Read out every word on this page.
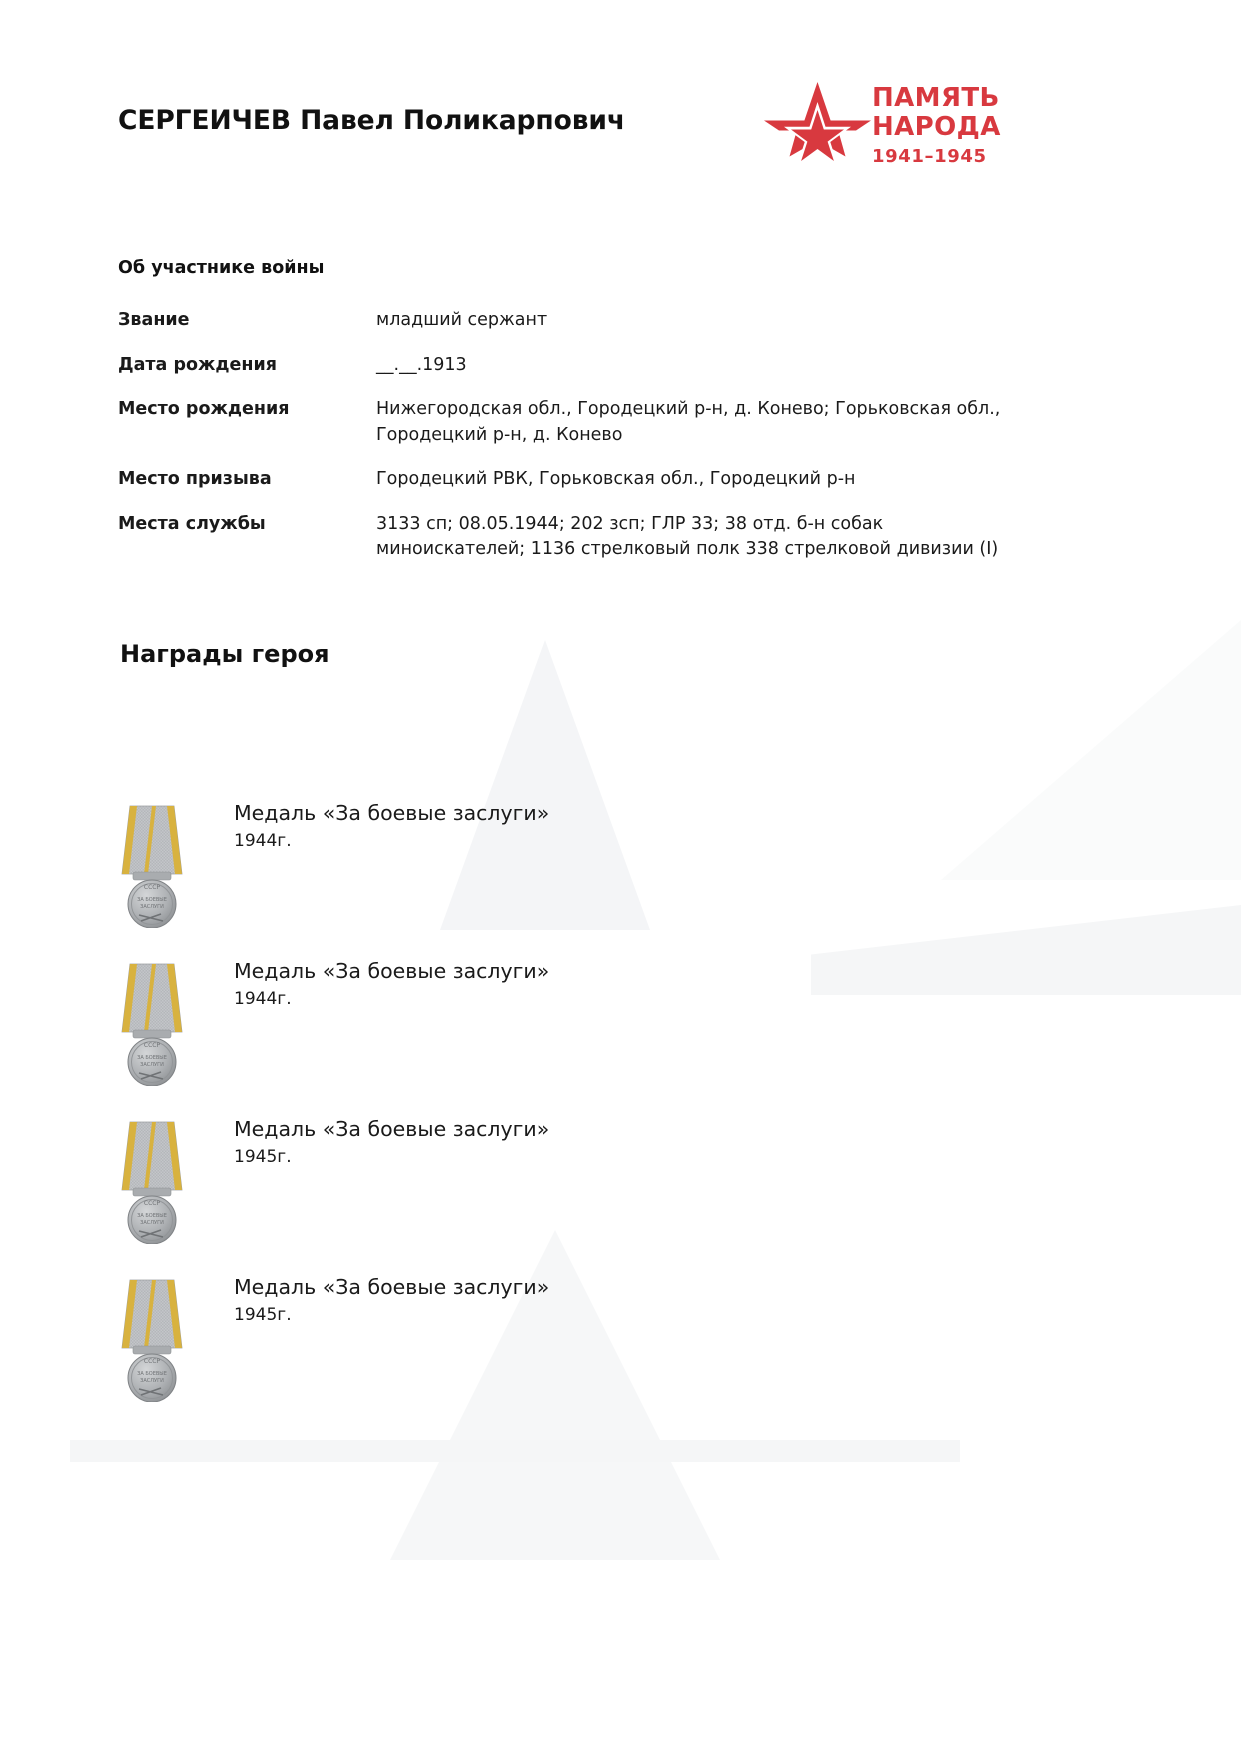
СЕРГЕИЧЕВ Павел Поликарпович
ПАМЯТЬ
НАРОДА
1941–1945
Об участнике войны
Звание	младший сержант
Дата рождения	__.__.1913
Место рождения	Нижегородская обл., Городецкий р-н, д. Конево; Горьковская обл., Городецкий р-н, д. Конево
Место призыва	Городецкий РВК, Горьковская обл., Городецкий р-н
Места службы	3133 сп; 08.05.1944; 202 зсп; ГЛР 33; 38 отд. б-н собак миноискателей; 1136 стрелковый полк 338 стрелковой дивизии (I)
Награды героя
СССР
ЗА БОЕВЫЕ
ЗАСЛУГИ
Медаль «За боевые заслуги»
1944г.
СССР
ЗА БОЕВЫЕ
ЗАСЛУГИ
Медаль «За боевые заслуги»
1944г.
СССР
ЗА БОЕВЫЕ
ЗАСЛУГИ
Медаль «За боевые заслуги»
1945г.
СССР
ЗА БОЕВЫЕ
ЗАСЛУГИ
Медаль «За боевые заслуги»
1945г.
